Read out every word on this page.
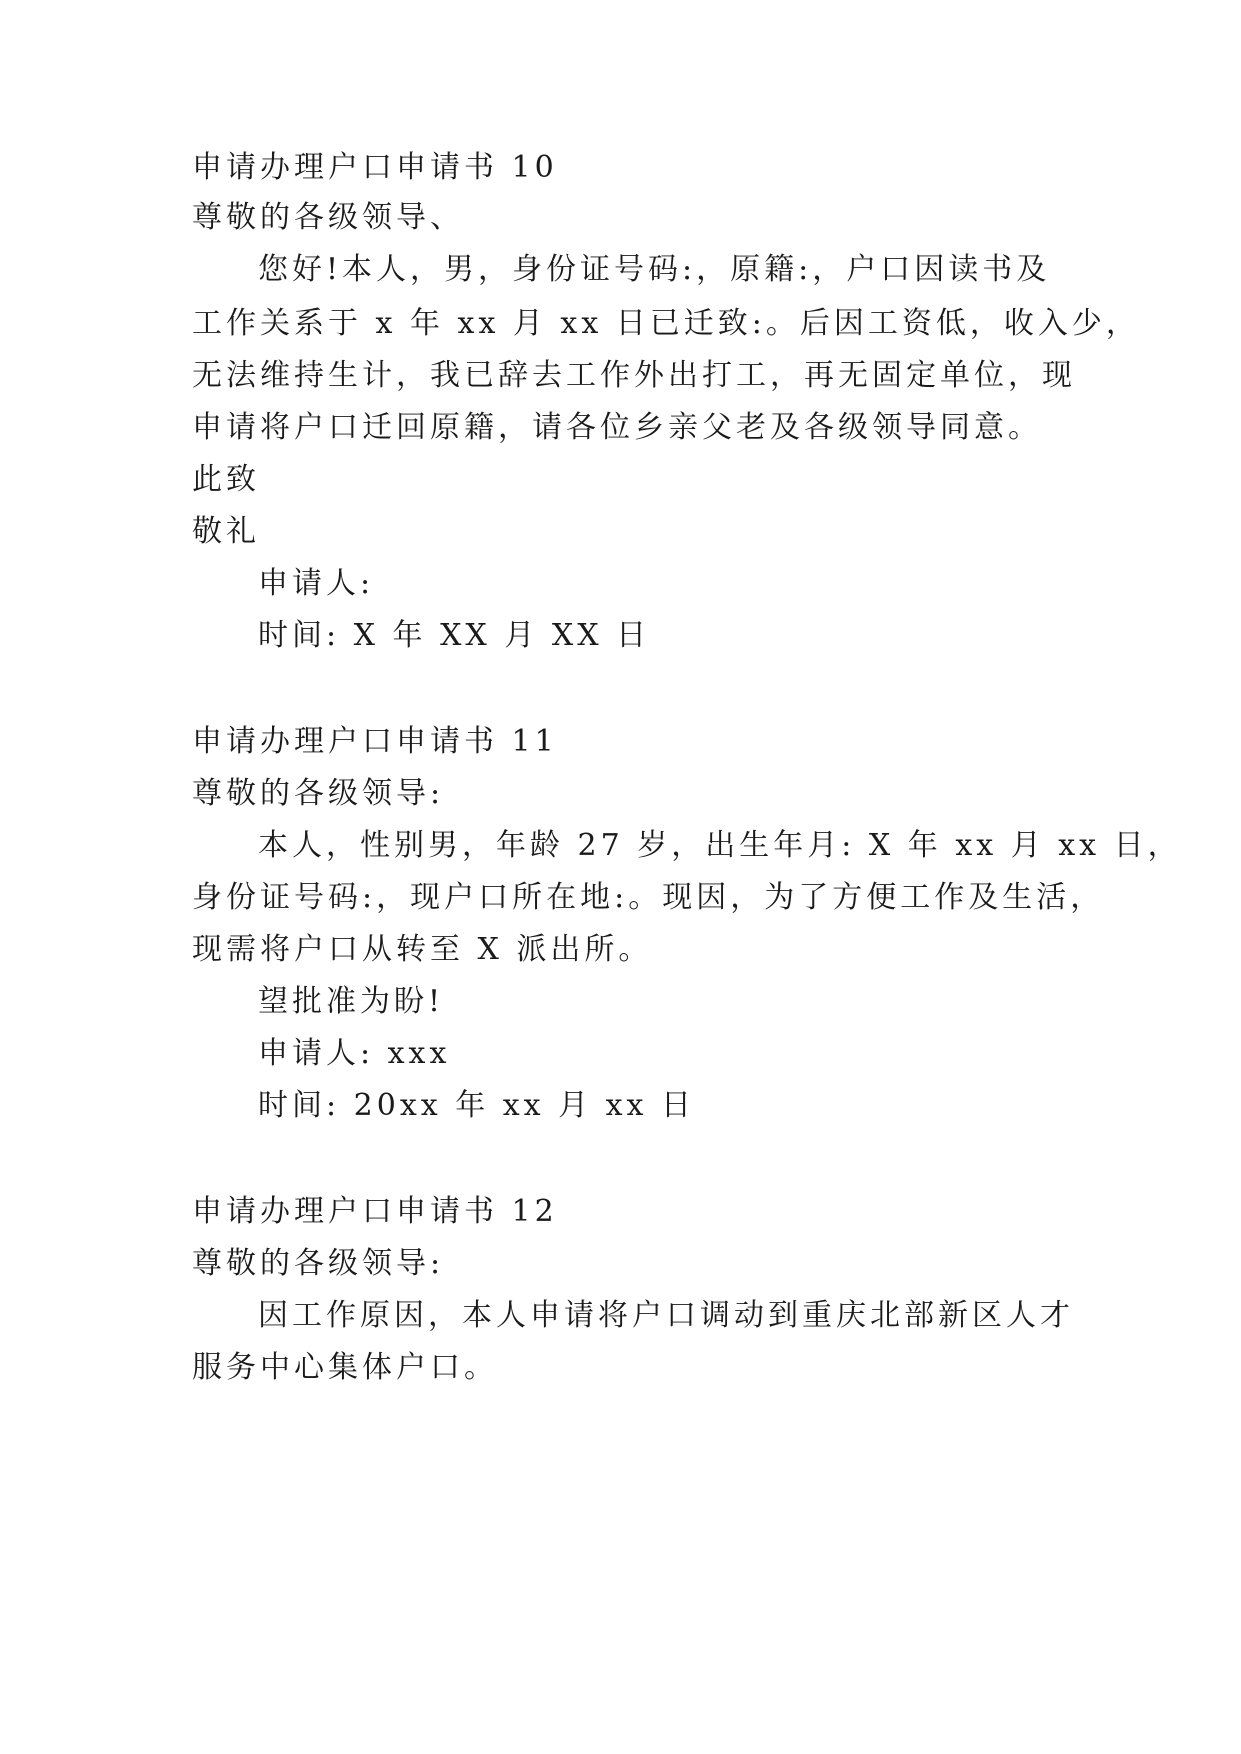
申请办理户口申请书 10
尊敬的各级领导、
您好!本人，男，身份证号码:，原籍:，户口因读书及
工作关系于 x 年 xx 月 xx 日已迁致:。后因工资低，收入少，
无法维持生计，我已辞去工作外出打工，再无固定单位，现
申请将户口迁回原籍，请各位乡亲父老及各级领导同意。
此致
敬礼
申请人:
时间: X 年 XX 月 XX 日
申请办理户口申请书 11
尊敬的各级领导:
本人，性别男，年龄 27 岁，出生年月: X 年 xx 月 xx 日，
身份证号码:，现户口所在地:。现因，为了方便工作及生活，
现需将户口从转至 X 派出所。
望批准为盼!
申请人: xxx
时间: 20xx 年 xx 月 xx 日
申请办理户口申请书 12
尊敬的各级领导:
因工作原因，本人申请将户口调动到重庆北部新区人才
服务中心集体户口。
